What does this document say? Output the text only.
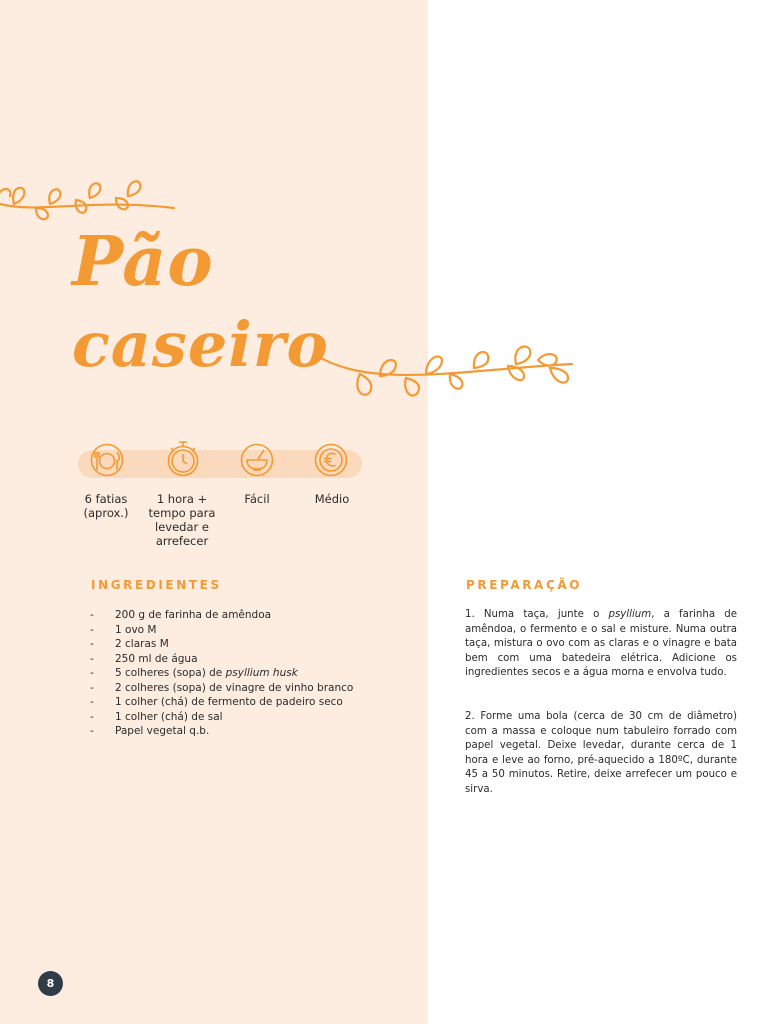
Pão
caseiro
6 fatias
(aprox.)
1 hora +
tempo para
levedar e
arrefecer
Fácil	Médio
INGREDIENTES
- 200 g de farinha de amêndoa
- 1 ovo M
- 2 claras M
- 250 ml de água
- 5 colheres (sopa) de psyllium husk
- 2 colheres (sopa) de vinagre de vinho branco
- 1 colher (chá) de fermento de padeiro seco
- 1 colher (chá) de sal
- Papel vegetal q.b.
PREPARAÇÃO

1. Numa taça, junte o psyllium, a farinha de amêndoa, o fermento e o sal e misture. Numa outra taça, mistura o ovo com as claras e o vinagre e bata bem com uma batedeira elétrica. Adicione os ingredientes secos e a água morna e envolva tudo.

2. Forme uma bola (cerca de 30 cm de diâmetro) com a massa e coloque num tabuleiro forrado com papel vegetal. Deixe levedar, durante cerca de 1 hora e leve ao forno, pré-aquecido a 180ºC, durante 45 a 50 minutos. Retire, deixe arrefecer um pouco e sirva.

8
